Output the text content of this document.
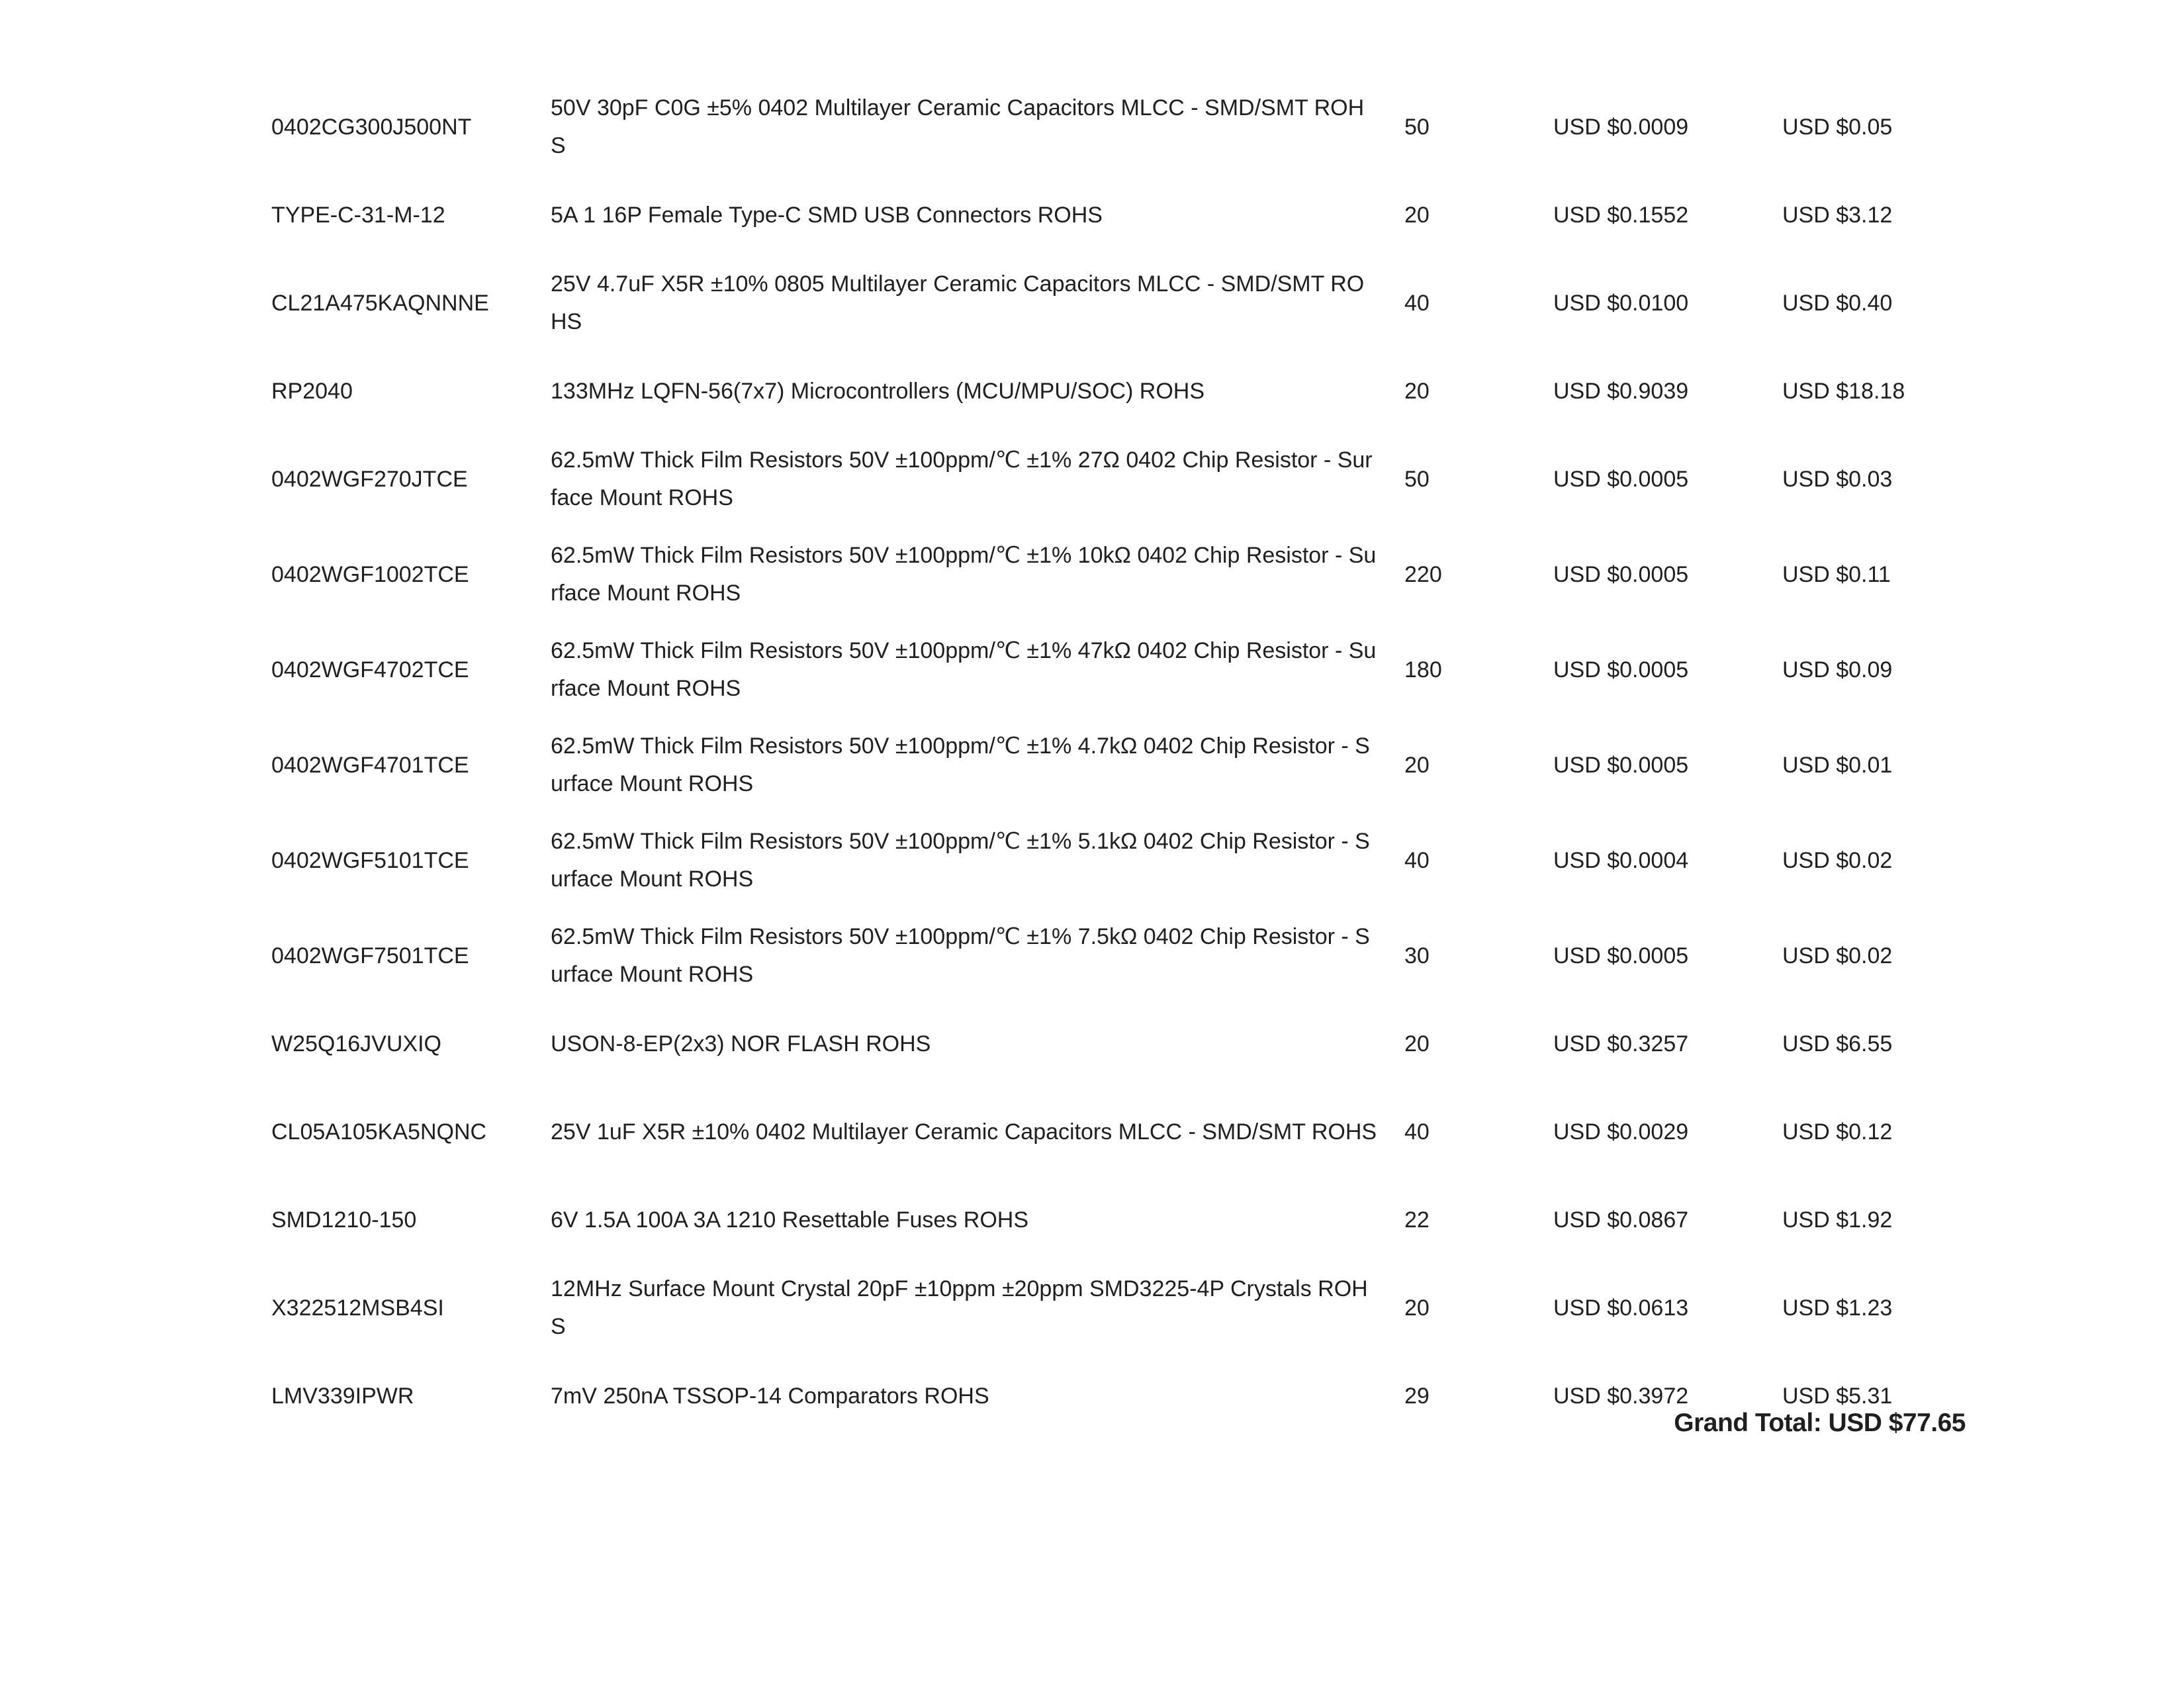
0402CG300J500NT	50V 30pF C0G ±5% 0402 Multilayer Ceramic Capacitors MLCC - SMD/SMT ROHS	50	USD $0.0009	USD $0.05
TYPE-C-31-M-12	5A 1 16P Female Type-C SMD USB Connectors ROHS	20	USD $0.1552	USD $3.12
CL21A475KAQNNNE	25V 4.7uF X5R ±10% 0805 Multilayer Ceramic Capacitors MLCC - SMD/SMT ROHS	40	USD $0.0100	USD $0.40
RP2040	133MHz LQFN-56(7x7) Microcontrollers (MCU/MPU/SOC) ROHS	20	USD $0.9039	USD $18.18
0402WGF270JTCE	62.5mW Thick Film Resistors 50V ±100ppm/℃ ±1% 27Ω 0402 Chip Resistor - Surface Mount ROHS	50	USD $0.0005	USD $0.03
0402WGF1002TCE	62.5mW Thick Film Resistors 50V ±100ppm/℃ ±1% 10kΩ 0402 Chip Resistor - Surface Mount ROHS	220	USD $0.0005	USD $0.11
0402WGF4702TCE	62.5mW Thick Film Resistors 50V ±100ppm/℃ ±1% 47kΩ 0402 Chip Resistor - Surface Mount ROHS	180	USD $0.0005	USD $0.09
0402WGF4701TCE	62.5mW Thick Film Resistors 50V ±100ppm/℃ ±1% 4.7kΩ 0402 Chip Resistor - Surface Mount ROHS	20	USD $0.0005	USD $0.01
0402WGF5101TCE	62.5mW Thick Film Resistors 50V ±100ppm/℃ ±1% 5.1kΩ 0402 Chip Resistor - Surface Mount ROHS	40	USD $0.0004	USD $0.02
0402WGF7501TCE	62.5mW Thick Film Resistors 50V ±100ppm/℃ ±1% 7.5kΩ 0402 Chip Resistor - Surface Mount ROHS	30	USD $0.0005	USD $0.02
W25Q16JVUXIQ	USON-8-EP(2x3) NOR FLASH ROHS	20	USD $0.3257	USD $6.55
CL05A105KA5NQNC	25V 1uF X5R ±10% 0402 Multilayer Ceramic Capacitors MLCC - SMD/SMT ROHS	40	USD $0.0029	USD $0.12
SMD1210-150	6V 1.5A 100A 3A 1210 Resettable Fuses ROHS	22	USD $0.0867	USD $1.92
X322512MSB4SI	12MHz Surface Mount Crystal 20pF ±10ppm ±20ppm SMD3225-4P Crystals ROHS	20	USD $0.0613	USD $1.23
LMV339IPWR	7mV 250nA TSSOP-14 Comparators ROHS	29	USD $0.3972	USD $5.31
Grand Total: USD $77.65
